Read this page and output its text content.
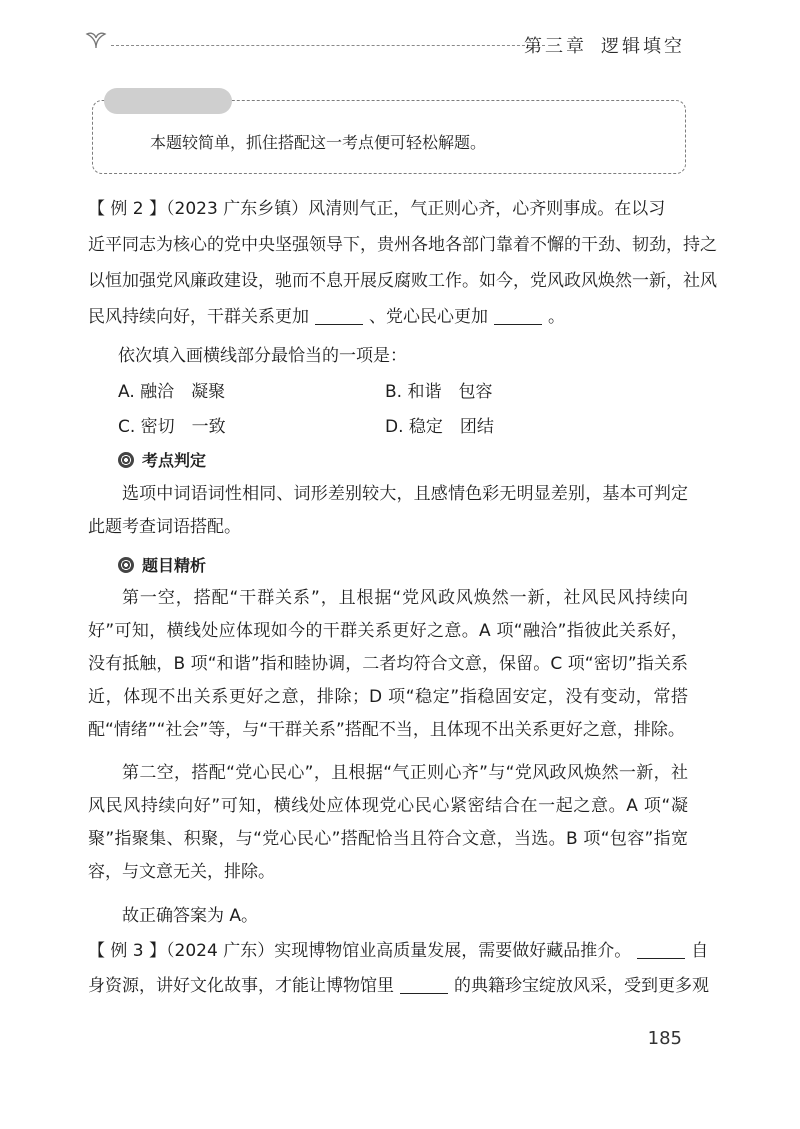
第三章 逻辑填空
本题较简单，抓住搭配这一考点便可轻松解题。

【 例 2 】（2023 广东乡镇）风清则气正，气正则心齐，心齐则事成。在以习

近平同志为核心的党中央坚强领导下，贵州各地各部门靠着不懈的干劲、韧劲，持之

以恒加强党风廉政建设，驰而不息开展反腐败工作。如今，党风政风焕然一新，社风

民风持续向好，干群关系更加	、党心民心更加	。

依次填入画横线部分最恰当的一项是：

A. 融洽　凝聚	B. 和谐　包容
C. 密切　一致	D. 稳定　团结
考点判定

选项中词语词性相同、词形差别较大，且感情色彩无明显差别，基本可判定此题考查词语搭配。

题目精析

第一空，搭配“干群关系”，且根据“党风政风焕然一新，社风民风持续向好”可知，横线处应体现如今的干群关系更好之意。A 项“融洽”指彼此关系好，没有抵触，B 项“和谐”指和睦协调，二者均符合文意，保留。C 项“密切”指关系近，体现不出关系更好之意，排除；D 项“稳定”指稳固安定，没有变动，常搭配“情绪”“社会”等，与“干群关系”搭配不当，且体现不出关系更好之意，排除。

第二空，搭配“党心民心”，且根据“气正则心齐”与“党风政风焕然一新，社风民风持续向好”可知，横线处应体现党心民心紧密结合在一起之意。A 项“凝聚”指聚集、积聚，与“党心民心”搭配恰当且符合文意，当选。B 项“包容”指宽容，与文意无关，排除。

故正确答案为 A。

【 例 3 】（2024 广东）实现博物馆业高质量发展，需要做好藏品推介。	自

身资源，讲好文化故事，才能让博物馆里	的典籍珍宝绽放风采，受到更多观

185
